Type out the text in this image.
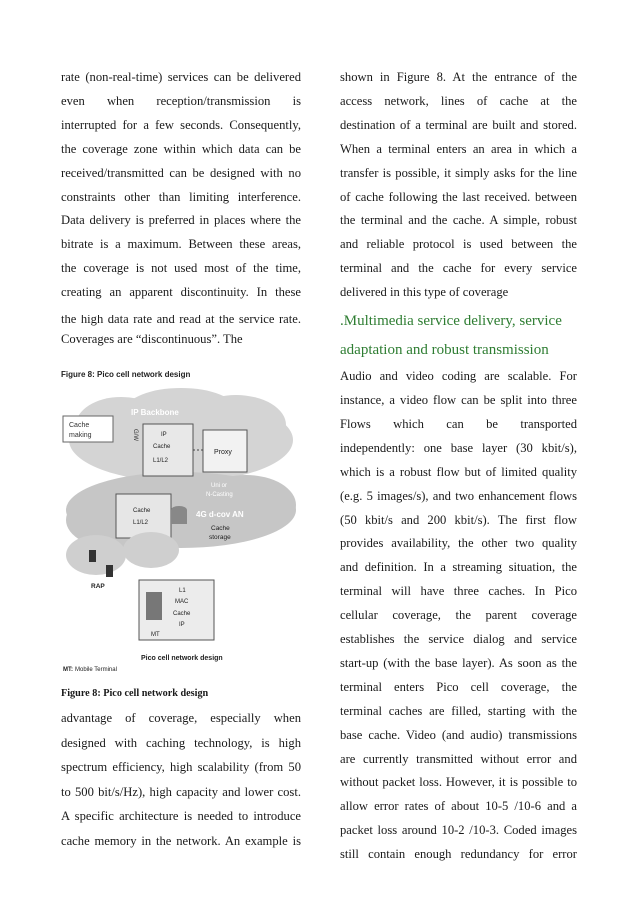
rate (non-real-time) services can be delivered
even when reception/transmission is
interrupted for a few seconds. Consequently,
the coverage zone within which data can be
received/transmitted can be designed with no
constraints other than limiting interference.
Data delivery is preferred in places where the
bitrate is a maximum. Between these areas,
the coverage is not used most of the time,
creating an apparent discontinuity. In these
the high data rate and read at the service rate.
Coverages are “discontinuous”. The
Figure 8: Pico cell network design
IP Backbone
Cache
making	G/W	IP
Cache
L1/L2
Proxy
Uni or
N-Casting
4G d-cov AN
Cache
L1/L2
Cache
storage
RAP
L1
MAC
Cache
IP
MT
Pico cell network design
MT: Mobile Terminal
Figure 8: Pico cell network design
advantage of coverage, especially when
designed with caching technology, is high
spectrum efficiency, high scalability (from 50
to 500 bit/s/Hz), high capacity and lower cost.
A specific architecture is needed to introduce
cache memory in the network. An example is
shown in Figure 8. At the entrance of the
access network, lines of cache at the
destination of a terminal are built and stored.
When a terminal enters an area in which a
transfer is possible, it simply asks for the line
of cache following the last received. between
the terminal and the cache. A simple, robust
and reliable protocol is used between the
terminal and the cache for every service
delivered in this type of coverage
.Multimedia service delivery, service
adaptation and robust transmission
Audio and video coding are scalable. For
instance, a video flow can be split into three
Flows which can be transported
independently: one base layer (30 kbit/s),
which is a robust flow but of limited quality
(e.g. 5 images/s), and two enhancement flows
(50 kbit/s and 200 kbit/s). The first flow
provides availability, the other two quality
and definition. In a streaming situation, the
terminal will have three caches. In Pico
cellular coverage, the parent coverage
establishes the service dialog and service
start-up (with the base layer). As soon as the
terminal enters Pico cell coverage, the
terminal caches are filled, starting with the
base cache. Video (and audio) transmissions
are currently transmitted without error and
without packet loss. However, it is possible to
allow error rates of about 10-5 /10-6 and a
packet loss around 10-2 /10-3. Coded images
still contain enough redundancy for error
